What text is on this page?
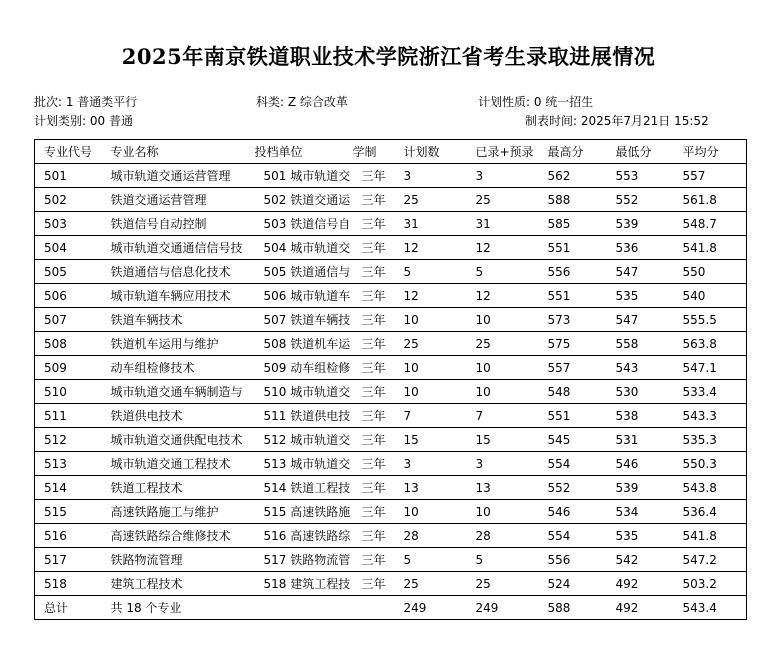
2025年南京铁道职业技术学院浙江省考生录取进展情况
批次: 1 普通类平行	科类: Z 综合改革	计划性质: 0 统一招生
计划类别: 00 普通	制表时间: 2025年7月21日 15:52
专业代号	专业名称	投档单位	学制	计划数	已录+预录	最高分	最低分	平均分
501	城市轨道交通运营管理	501 城市轨道交	三年	3	3	562	553	557
502	铁道交通运营管理	502 铁道交通运	三年	25	25	588	552	561.8
503	铁道信号自动控制	503 铁道信号自	三年	31	31	585	539	548.7
504	城市轨道交通通信信号技	504 城市轨道交	三年	12	12	551	536	541.8
505	铁道通信与信息化技术	505 铁道通信与	三年	5	5	556	547	550
506	城市轨道车辆应用技术	506 城市轨道车	三年	12	12	551	535	540
507	铁道车辆技术	507 铁道车辆技	三年	10	10	573	547	555.5
508	铁道机车运用与维护	508 铁道机车运	三年	25	25	575	558	563.8
509	动车组检修技术	509 动车组检修	三年	10	10	557	543	547.1
510	城市轨道交通车辆制造与	510 城市轨道交	三年	10	10	548	530	533.4
511	铁道供电技术	511 铁道供电技	三年	7	7	551	538	543.3
512	城市轨道交通供配电技术	512 城市轨道交	三年	15	15	545	531	535.3
513	城市轨道交通工程技术	513 城市轨道交	三年	3	3	554	546	550.3
514	铁道工程技术	514 铁道工程技	三年	13	13	552	539	543.8
515	高速铁路施工与维护	515 高速铁路施	三年	10	10	546	534	536.4
516	高速铁路综合维修技术	516 高速铁路综	三年	28	28	554	535	541.8
517	铁路物流管理	517 铁路物流管	三年	5	5	556	542	547.2
518	建筑工程技术	518 建筑工程技	三年	25	25	524	492	503.2
总计	共 18 个专业			249	249	588	492	543.4
